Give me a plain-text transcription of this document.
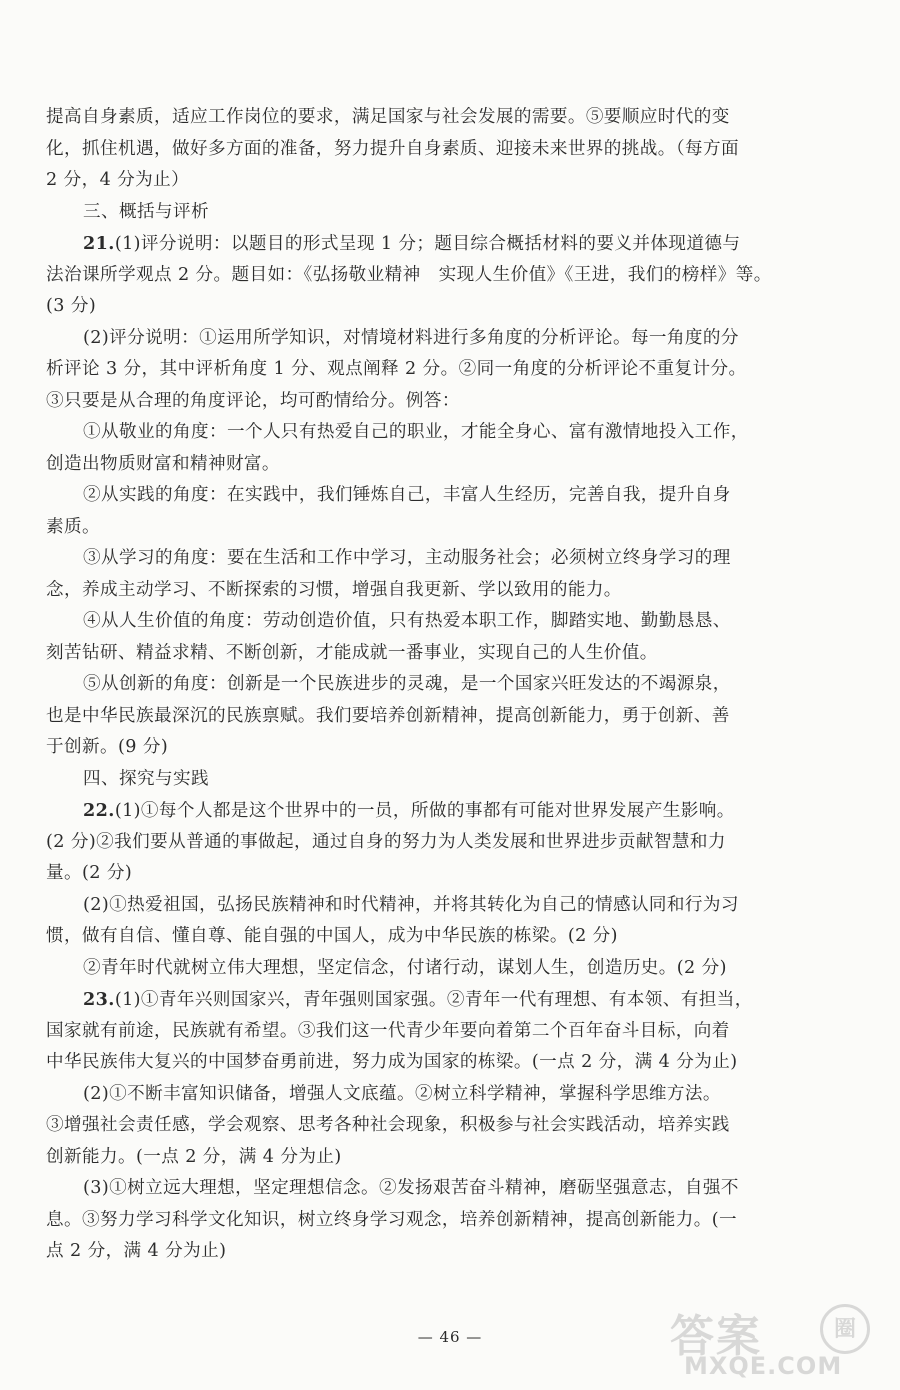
提高自身素质，适应工作岗位的要求，满足国家与社会发展的需要。⑤要顺应时代的变
化，抓住机遇，做好多方面的准备，努力提升自身素质、迎接未来世界的挑战。（每方面
2 分，4 分为止）
三、概括与评析
21.(1)评分说明：以题目的形式呈现 1 分；题目综合概括材料的要义并体现道德与
法治课所学观点 2 分。题目如：《弘扬敬业精神　实现人生价值》《王进，我们的榜样》等。
(3 分)
(2)评分说明：①运用所学知识，对情境材料进行多角度的分析评论。每一角度的分
析评论 3 分，其中评析角度 1 分、观点阐释 2 分。②同一角度的分析评论不重复计分。
③只要是从合理的角度评论，均可酌情给分。例答：
①从敬业的角度：一个人只有热爱自己的职业，才能全身心、富有激情地投入工作，
创造出物质财富和精神财富。
②从实践的角度：在实践中，我们锤炼自己，丰富人生经历，完善自我，提升自身
素质。
③从学习的角度：要在生活和工作中学习，主动服务社会；必须树立终身学习的理
念，养成主动学习、不断探索的习惯，增强自我更新、学以致用的能力。
④从人生价值的角度：劳动创造价值，只有热爱本职工作，脚踏实地、勤勤恳恳、
刻苦钻研、精益求精、不断创新，才能成就一番事业，实现自己的人生价值。
⑤从创新的角度：创新是一个民族进步的灵魂，是一个国家兴旺发达的不竭源泉，
也是中华民族最深沉的民族禀赋。我们要培养创新精神，提高创新能力，勇于创新、善
于创新。(9 分)
四、探究与实践
22.(1)①每个人都是这个世界中的一员，所做的事都有可能对世界发展产生影响。
(2 分)②我们要从普通的事做起，通过自身的努力为人类发展和世界进步贡献智慧和力
量。(2 分)
(2)①热爱祖国，弘扬民族精神和时代精神，并将其转化为自己的情感认同和行为习
惯，做有自信、懂自尊、能自强的中国人，成为中华民族的栋梁。(2 分)
②青年时代就树立伟大理想，坚定信念，付诸行动，谋划人生，创造历史。(2 分)
23.(1)①青年兴则国家兴，青年强则国家强。②青年一代有理想、有本领、有担当，
国家就有前途，民族就有希望。③我们这一代青少年要向着第二个百年奋斗目标，向着
中华民族伟大复兴的中国梦奋勇前进，努力成为国家的栋梁。(一点 2 分，满 4 分为止)
(2)①不断丰富知识储备，增强人文底蕴。②树立科学精神，掌握科学思维方法。
③增强社会责任感，学会观察、思考各种社会现象，积极参与社会实践活动，培养实践
创新能力。(一点 2 分，满 4 分为止)
(3)①树立远大理想，坚定理想信念。②发扬艰苦奋斗精神，磨砺坚强意志，自强不
息。③努力学习科学文化知识，树立终身学习观念，培养创新精神，提高创新能力。(一
点 2 分，满 4 分为止)
— 46 —	答案	圈
MXQE.COM
